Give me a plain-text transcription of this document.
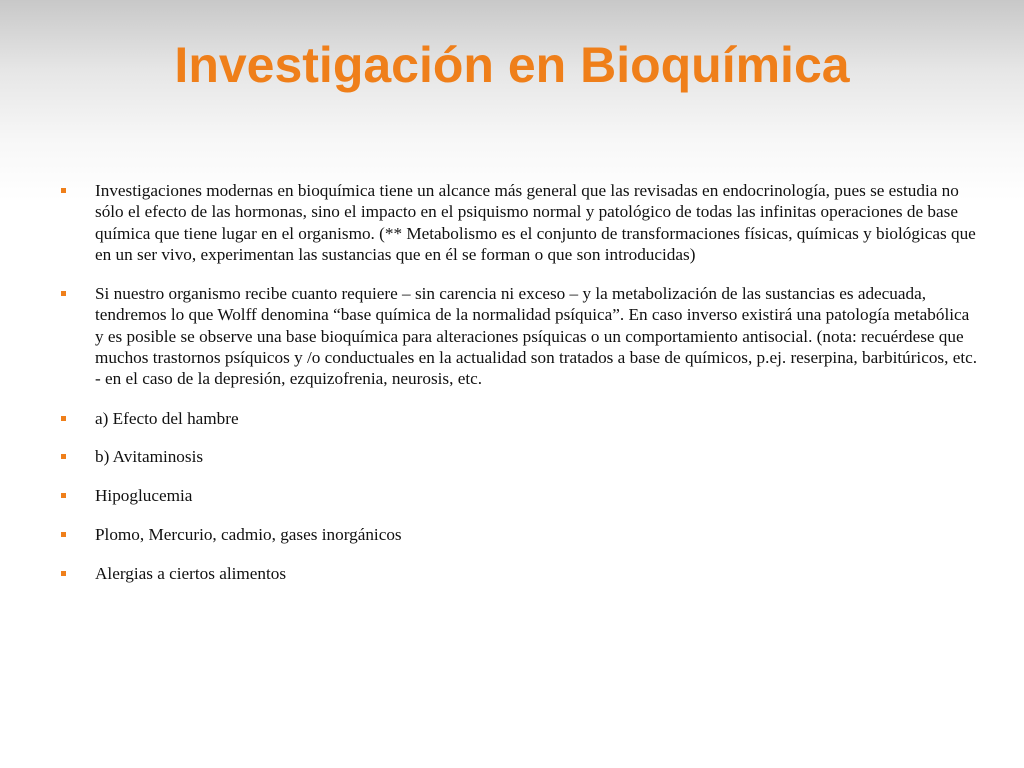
Investigación en Bioquímica
Investigaciones modernas en bioquímica tiene un alcance más general que las revisadas en endocrinología, pues se estudia no sólo el efecto de las hormonas, sino el impacto en el psiquismo normal y patológico de todas las infinitas operaciones de base química que tiene lugar en el organismo. (** Metabolismo es el conjunto de transformaciones físicas, químicas y biológicas que en un ser vivo, experimentan las sustancias que en él se forman o que son introducidas)
Si nuestro organismo recibe cuanto requiere – sin carencia ni exceso – y la metabolización de las sustancias es adecuada, tendremos lo que Wolff denomina “base química de la normalidad psíquica”. En caso inverso existirá una patología metabólica y es posible se observe una base bioquímica para alteraciones psíquicas o un comportamiento antisocial. (nota: recuérdese que muchos trastornos psíquicos y /o conductuales en la actualidad son tratados a base de químicos, p.ej. reserpina, barbitúricos, etc. - en el caso de la depresión, ezquizofrenia, neurosis, etc.
a) Efecto del hambre
b) Avitaminosis
Hipoglucemia
Plomo, Mercurio, cadmio, gases inorgánicos
Alergias a ciertos alimentos
